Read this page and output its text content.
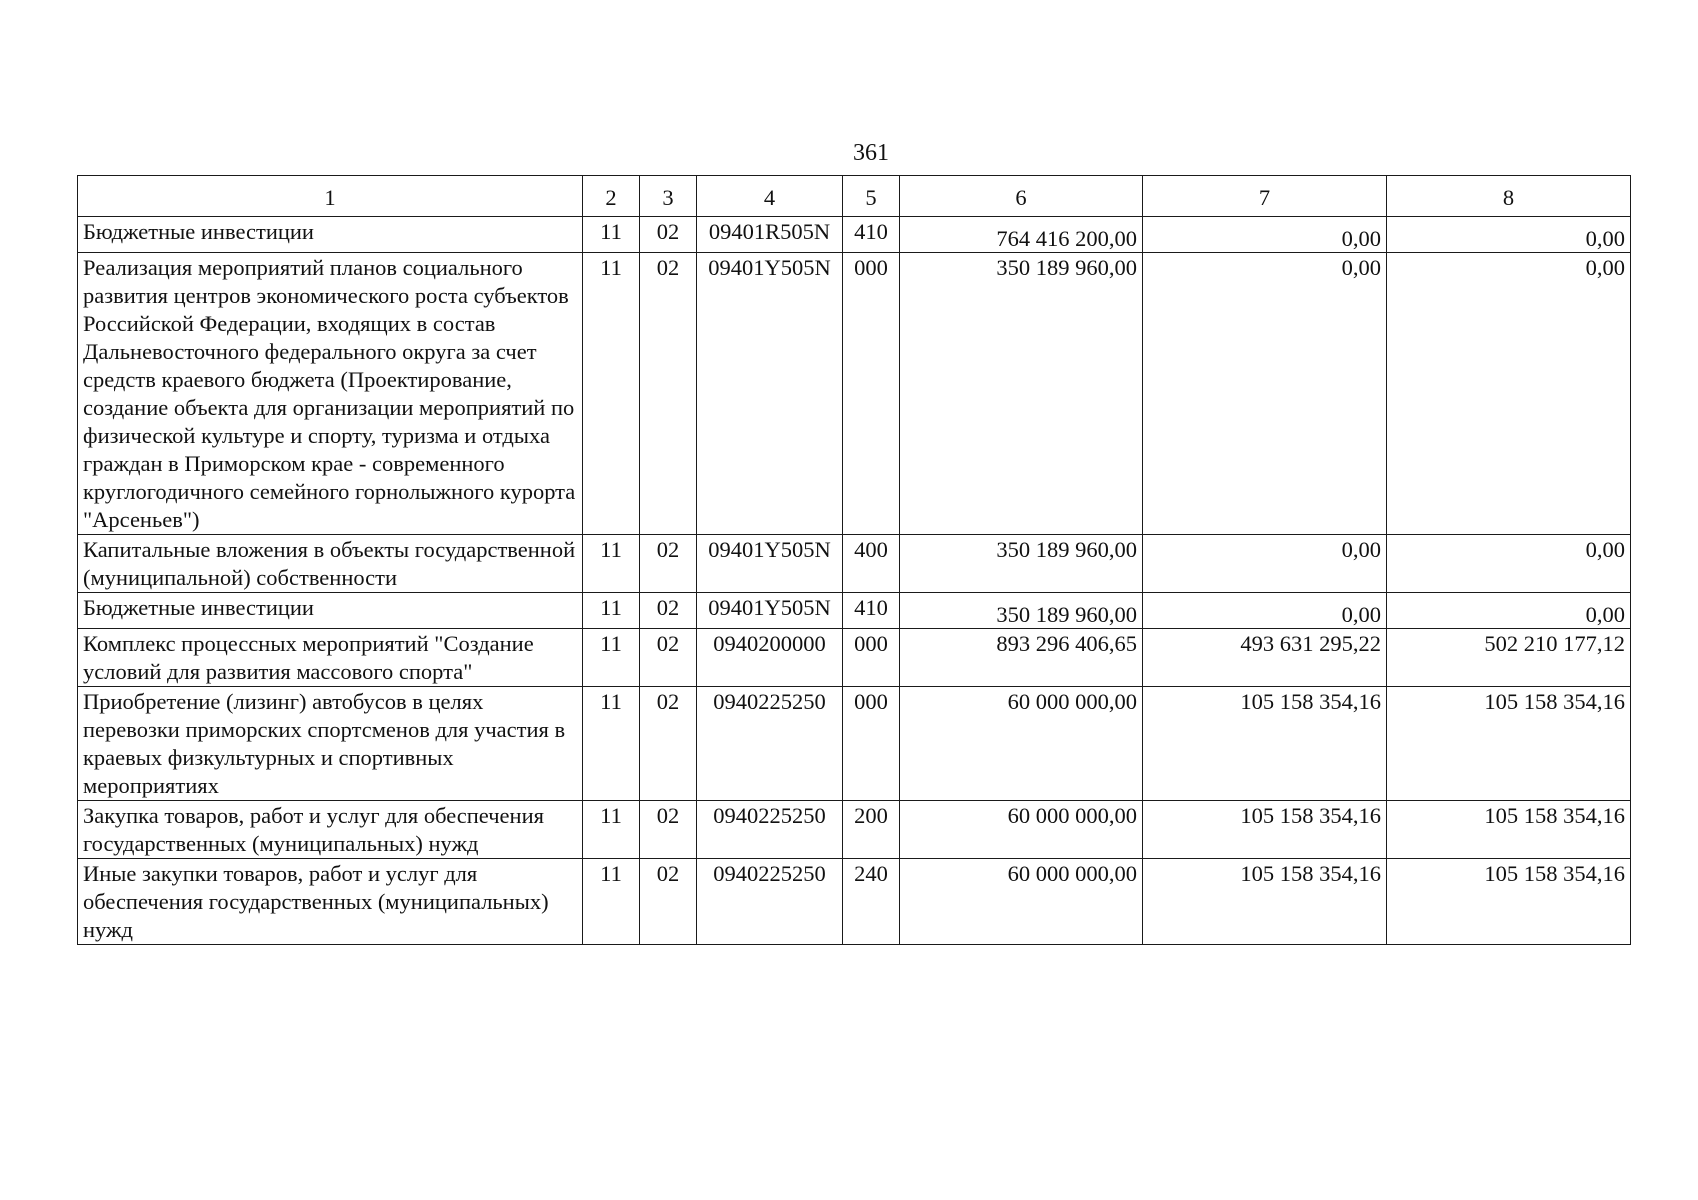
361
1	2	3	4	5	6	7	8
Бюджетные инвестиции	11	02	09401R505N	410	764 416 200,00	0,00	0,00
Реализация мероприятий планов социального развития центров экономического роста субъектов Российской Федерации, входящих в состав Дальневосточного федерального округа за счет средств краевого бюджета (Проектирование, создание объекта для организации мероприятий по физической культуре и спорту, туризма и отдыха граждан в Приморском крае - современного круглогодичного семейного горнолыжного курорта "Арсеньев")	11	02	09401Y505N	000	350 189 960,00	0,00	0,00
Капитальные вложения в объекты государственной (муниципальной) собственности	11	02	09401Y505N	400	350 189 960,00	0,00	0,00
Бюджетные инвестиции	11	02	09401Y505N	410	350 189 960,00	0,00	0,00
Комплекс процессных мероприятий "Создание условий для развития массового спорта"	11	02	0940200000	000	893 296 406,65	493 631 295,22	502 210 177,12
Приобретение (лизинг) автобусов в целях перевозки приморских спортсменов для участия в краевых физкультурных и спортивных мероприятиях	11	02	0940225250	000	60 000 000,00	105 158 354,16	105 158 354,16
Закупка товаров, работ и услуг для обеспечения государственных (муниципальных) нужд	11	02	0940225250	200	60 000 000,00	105 158 354,16	105 158 354,16
Иные закупки товаров, работ и услуг для обеспечения государственных (муниципальных) нужд	11	02	0940225250	240	60 000 000,00	105 158 354,16	105 158 354,16
